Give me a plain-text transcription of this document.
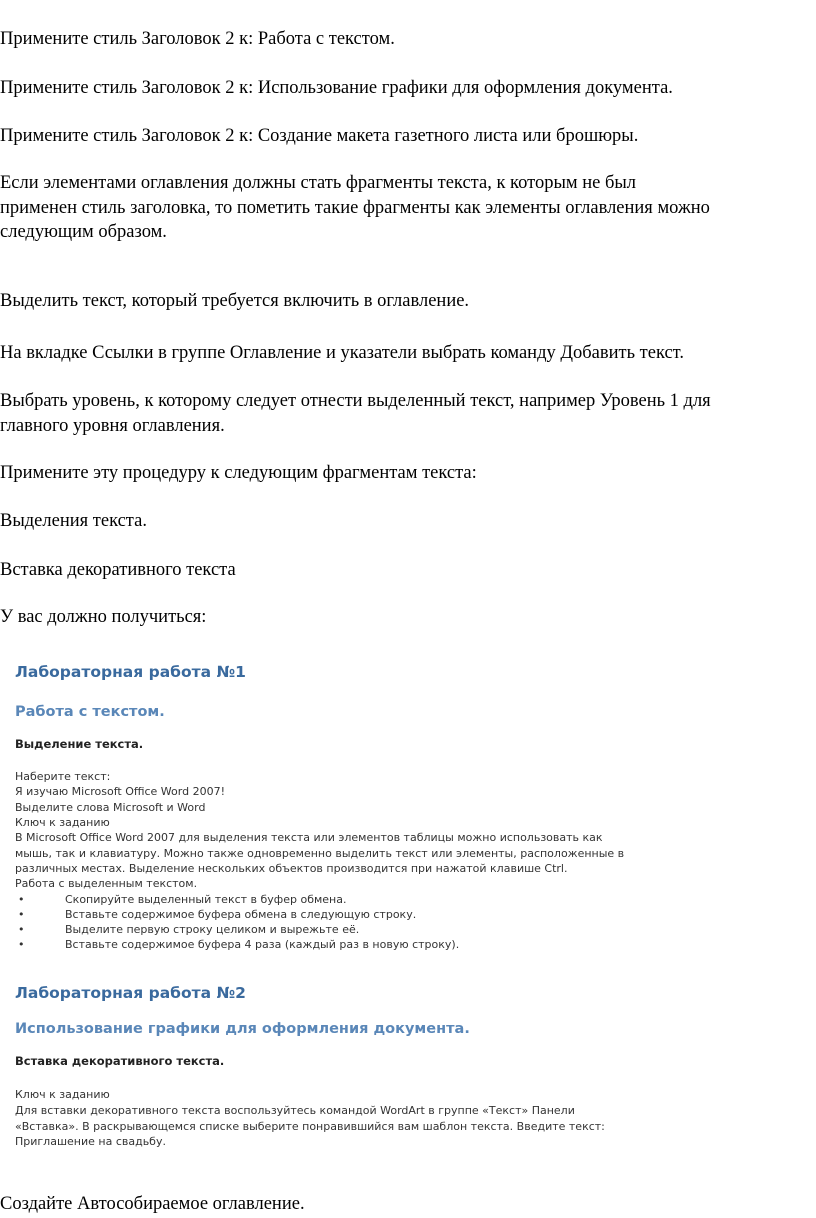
Примените стиль Заголовок 2 к: Работа с текстом.
Примените стиль Заголовок 2 к: Использование графики для оформления документа.
Примените стиль Заголовок 2 к: Создание макета газетного листа или брошюры.
Если элементами оглавления должны стать фрагменты текста, к которым не был
применен стиль заголовка, то пометить такие фрагменты как элементы оглавления можно
следующим образом.
Выделить текст, который требуется включить в оглавление.
На вкладке Ссылки в группе Оглавление и указатели выбрать команду Добавить текст.
Выбрать уровень, к которому следует отнести выделенный текст, например Уровень 1 для
главного уровня оглавления.
Примените эту процедуру к следующим фрагментам текста:
Выделения текста.
Вставка декоративного текста
У вас должно получиться:
Лабораторная работа №1
Работа с текстом.
Выделение текста.
Наберите текст:
Я изучаю Microsoft Office Word 2007!
Выделите слова Microsoft и Word
Ключ к заданию
В Microsoft Office Word 2007 для выделения текста или элементов таблицы можно использовать как
мышь, так и клавиатуру. Можно также одновременно выделить текст или элементы, расположенные в
различных местах. Выделение нескольких объектов производится при нажатой клавише Ctrl.
Работа с выделенным текстом.
•	Скопируйте выделенный текст в буфер обмена.
•	Вставьте содержимое буфера обмена в следующую строку.
•	Выделите первую строку целиком и вырежьте её.
•	Вставьте содержимое буфера 4 раза (каждый раз в новую строку).
Лабораторная работа №2
Использование графики для оформления документа.
Вставка декоративного текста.
Ключ к заданию
Для вставки декоративного текста воспользуйтесь командой WordArt в группе «Текст» Панели
«Вставка». В раскрывающемся списке выберите понравившийся вам шаблон текста. Введите текст:
Приглашение на свадьбу.
Создайте Автособираемое оглавление.
